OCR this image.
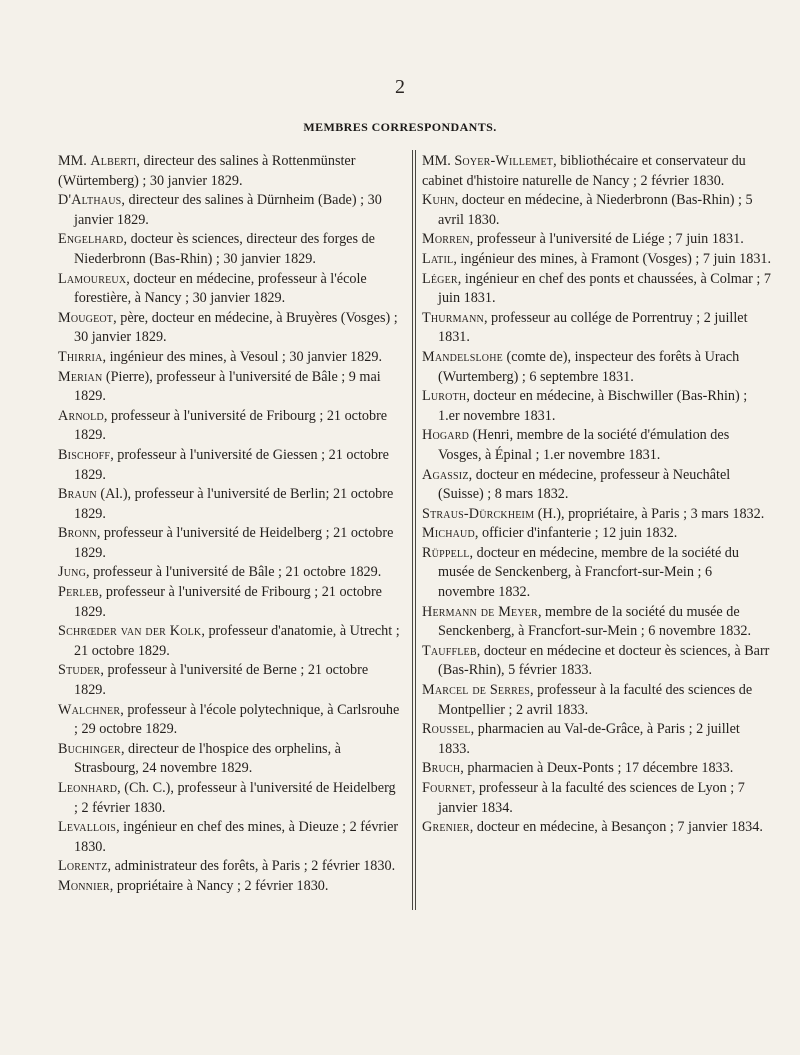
2
MEMBRES CORRESPONDANTS.

MM. Alberti, directeur des salines à Rottenmünster (Würtemberg) ; 30 janvier 1829.

D'Althaus, directeur des salines à Dürnheim (Bade) ; 30 janvier 1829.

Engelhard, docteur ès sciences, directeur des forges de Niederbronn (Bas-Rhin) ; 30 janvier 1829.

Lamoureux, docteur en médecine, professeur à l'école forestière, à Nancy ; 30 janvier 1829.

Mougeot, père, docteur en médecine, à Bruyères (Vosges) ; 30 janvier 1829.

Thirria, ingénieur des mines, à Vesoul ; 30 janvier 1829.

Merian (Pierre), professeur à l'université de Bâle ; 9 mai 1829.

Arnold, professeur à l'université de Fribourg ; 21 octobre 1829.

Bischoff, professeur à l'université de Giessen ; 21 octobre 1829.

Braun (Al.), professeur à l'université de Berlin; 21 octobre 1829.

Bronn, professeur à l'université de Heidelberg ; 21 octobre 1829.

Jung, professeur à l'université de Bâle ; 21 octobre 1829.

Perleb, professeur à l'université de Fribourg ; 21 octobre 1829.

Schrœder van der Kolk, professeur d'anatomie, à Utrecht ; 21 octobre 1829.

Studer, professeur à l'université de Berne ; 21 octobre 1829.

Walchner, professeur à l'école polytechnique, à Carlsrouhe ; 29 octobre 1829.

Buchinger, directeur de l'hospice des orphelins, à Strasbourg, 24 novembre 1829.

Leonhard, (Ch. C.), professeur à l'université de Heidelberg ; 2 février 1830.

Levallois, ingénieur en chef des mines, à Dieuze ; 2 février 1830.

Lorentz, administrateur des forêts, à Paris ; 2 février 1830.

Monnier, propriétaire à Nancy ; 2 février 1830.

MM. Soyer-Willemet, bibliothécaire et conservateur du cabinet d'histoire naturelle de Nancy ; 2 février 1830.

Kuhn, docteur en médecine, à Niederbronn (Bas-Rhin) ; 5 avril 1830.

Morren, professeur à l'université de Liége ; 7 juin 1831.

Latil, ingénieur des mines, à Framont (Vosges) ; 7 juin 1831.

Léger, ingénieur en chef des ponts et chaussées, à Colmar ; 7 juin 1831.

Thurmann, professeur au collége de Porrentruy ; 2 juillet 1831.

Mandelslohe (comte de), inspecteur des forêts à Urach (Wurtemberg) ; 6 septembre 1831.

Luroth, docteur en médecine, à Bischwiller (Bas-Rhin) ; 1.er novembre 1831.

Hogard (Henri, membre de la société d'émulation des Vosges, à Épinal ; 1.er novembre 1831.

Agassiz, docteur en médecine, professeur à Neuchâtel (Suisse) ; 8 mars 1832.

Straus-Dürckheim (H.), propriétaire, à Paris ; 3 mars 1832.

Michaud, officier d'infanterie ; 12 juin 1832.

Rüppell, docteur en médecine, membre de la société du musée de Senckenberg, à Francfort-sur-Mein ; 6 novembre 1832.

Hermann de Meyer, membre de la société du musée de Senckenberg, à Francfort-sur-Mein ; 6 novembre 1832.

Tauffleb, docteur en médecine et docteur ès sciences, à Barr (Bas-Rhin), 5 février 1833.

Marcel de Serres, professeur à la faculté des sciences de Montpellier ; 2 avril 1833.

Roussel, pharmacien au Val-de-Grâce, à Paris ; 2 juillet 1833.

Bruch, pharmacien à Deux-Ponts ; 17 décembre 1833.

Fournet, professeur à la faculté des sciences de Lyon ; 7 janvier 1834.

Grenier, docteur en médecine, à Besançon ; 7 janvier 1834.
